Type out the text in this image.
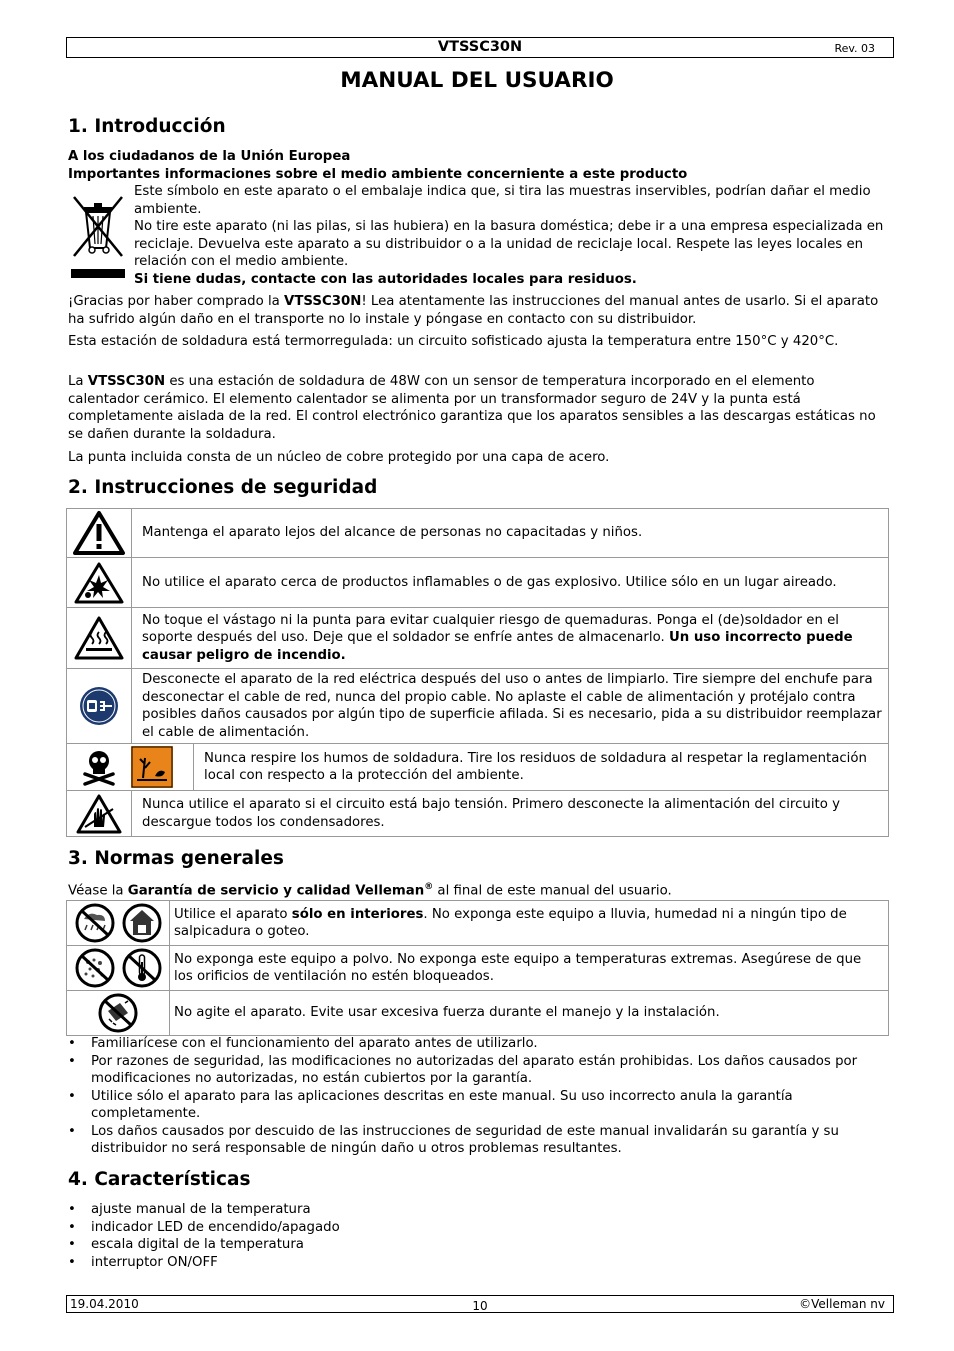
VTSSC30N	Rev. 03
MANUAL DEL USUARIO
1. Introducción

A los ciudadanos de la Unión Europea

Importantes informaciones sobre el medio ambiente concerniente a este producto

Este símbolo en este aparato o el embalaje indica que, si tira las muestras inservibles, podrían dañar el medio ambiente.

No tire este aparato (ni las pilas, si las hubiera) en la basura doméstica; debe ir a una empresa especializada en reciclaje. Devuelva este aparato a su distribuidor o a la unidad de reciclaje local. Respete las leyes locales en relación con el medio ambiente.

Si tiene dudas, contacte con las autoridades locales para residuos.

¡Gracias por haber comprado la VTSSC30N! Lea atentamente las instrucciones del manual antes de usarlo. Si el aparato ha sufrido algún daño en el transporte no lo instale y póngase en contacto con su distribuidor.

Esta estación de soldadura está termorregulada: un circuito sofisticado ajusta la temperatura entre 150°C y 420°C.

La VTSSC30N es una estación de soldadura de 48W con un sensor de temperatura incorporado en el elemento calentador cerámico. El elemento calentador se alimenta por un transformador seguro de 24V y la punta está completamente aislada de la red. El control electrónico garantiza que los aparatos sensibles a las descargas estáticas no se dañen durante la soldadura.

La punta incluida consta de un núcleo de cobre protegido por una capa de acero.

2. Instrucciones de seguridad
	Mantenga el aparato lejos del alcance de personas no capacitadas y niños.

	No utilice el aparato cerca de productos inflamables o de gas explosivo. Utilice sólo en un lugar aireado.

	No toque el vástago ni la punta para evitar cualquier riesgo de quemaduras. Ponga el (de)soldador en el soporte después del uso. Deje que el soldador se enfríe antes de almacenarlo. Un uso incorrecto puede causar peligro de incendio.

	Desconecte el aparato de la red eléctrica después del uso o antes de limpiarlo. Tire siempre del enchufe para desconectar el cable de red, nunca del propio cable. No aplaste el cable de alimentación y protéjalo contra posibles daños causados por algún tipo de superficie afilada. Si es necesario, pida a su distribuidor reemplazar el cable de alimentación.

Nunca respire los humos de soldadura. Tire los residuos de soldadura al respetar la reglamentación local con respecto a la protección del ambiente.	

	Nunca utilice el aparato si el circuito está bajo tensión. Primero desconecte la alimentación del circuito y descargue todos los condensadores.
3. Normas generales

Véase la Garantía de servicio y calidad Velleman® al final de este manual del usuario.

	Utilice el aparato sólo en interiores. No exponga este equipo a lluvia, humedad ni a ningún tipo de salpicadura o goteo.

	No exponga este equipo a polvo. No exponga este equipo a temperaturas extremas. Asegúrese de que los orificios de ventilación no estén bloqueados.

	No agite el aparato. Evite usar excesiva fuerza durante el manejo y la instalación.
• Familiarícese con el funcionamiento del aparato antes de utilizarlo.
• Por razones de seguridad, las modificaciones no autorizadas del aparato están prohibidas. Los daños causados por modificaciones no autorizadas, no están cubiertos por la garantía.
• Utilice sólo el aparato para las aplicaciones descritas en este manual. Su uso incorrecto anula la garantía completamente.
• Los daños causados por descuido de las instrucciones de seguridad de este manual invalidarán su garantía y su distribuidor no será responsable de ningún daño u otros problemas resultantes.
4. Características
• ajuste manual de la temperatura
• indicador LED de encendido/apagado
• escala digital de la temperatura
• interruptor ON/OFF
19.04.2010	10	©Velleman nv
